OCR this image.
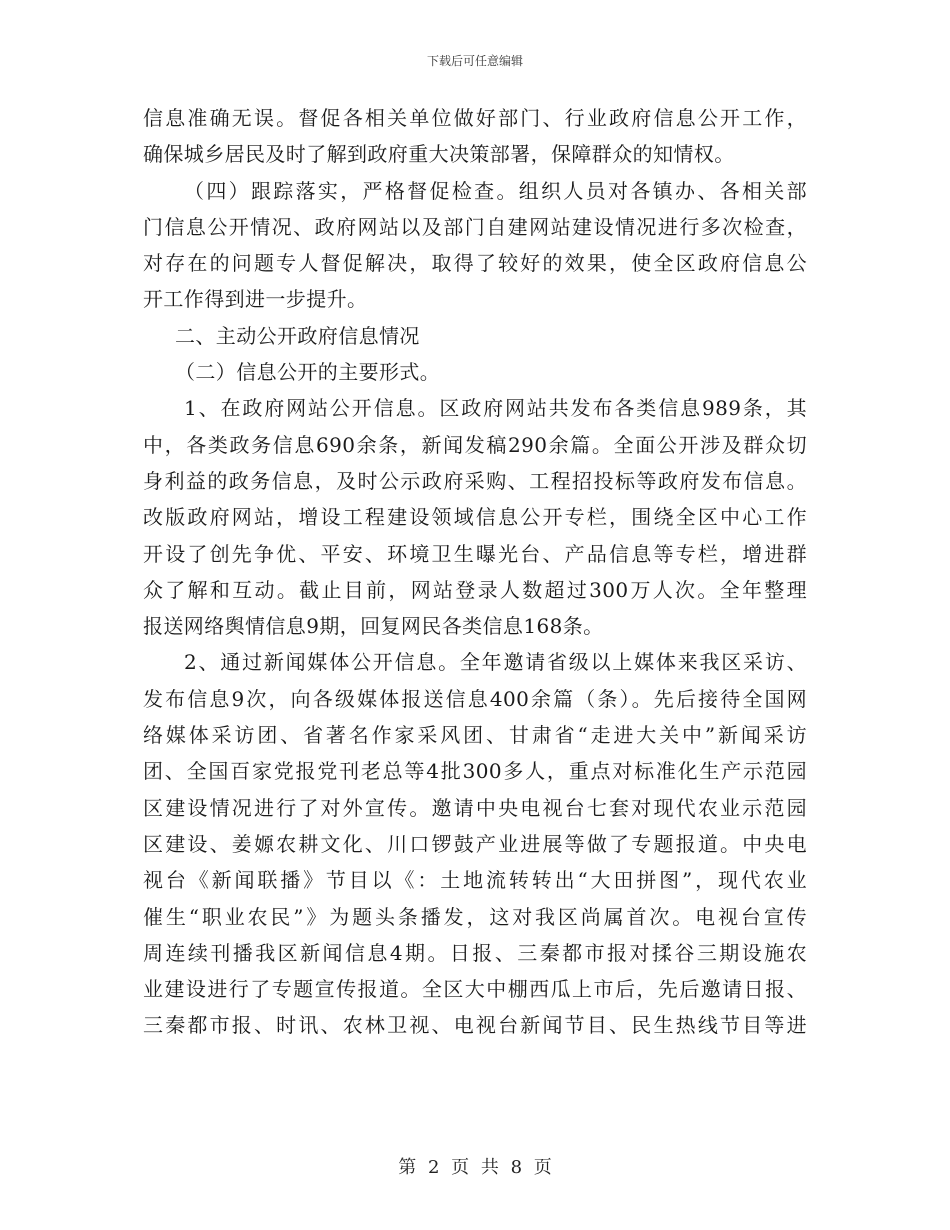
下载后可任意编辑
信息准确无误。督促各相关单位做好部门、行业政府信息公开工作，
确保城乡居民及时了解到政府重大决策部署，保障群众的知情权。
（四）跟踪落实，严格督促检查。组织人员对各镇办、各相关部
门信息公开情况、政府网站以及部门自建网站建设情况进行多次检查，
对存在的问题专人督促解决，取得了较好的效果，使全区政府信息公
开工作得到进一步提升。
二、主动公开政府信息情况
（二）信息公开的主要形式。
1、在政府网站公开信息。区政府网站共发布各类信息989条，其
中，各类政务信息690余条，新闻发稿290余篇。全面公开涉及群众切
身利益的政务信息，及时公示政府采购、工程招投标等政府发布信息。
改版政府网站，增设工程建设领域信息公开专栏，围绕全区中心工作
开设了创先争优、平安、环境卫生曝光台、产品信息等专栏，增进群
众了解和互动。截止目前，网站登录人数超过300万人次。全年整理
报送网络舆情信息9期，回复网民各类信息168条。
2、通过新闻媒体公开信息。全年邀请省级以上媒体来我区采访、
发布信息9次，向各级媒体报送信息400余篇（条）。先后接待全国网
络媒体采访团、省著名作家采风团、甘肃省“走进大关中”新闻采访
团、全国百家党报党刊老总等4批300多人，重点对标准化生产示范园
区建设情况进行了对外宣传。邀请中央电视台七套对现代农业示范园
区建设、姜嫄农耕文化、川口锣鼓产业进展等做了专题报道。中央电
视台《新闻联播》节目以《：土地流转转出“大田拼图”，现代农业
催生“职业农民”》为题头条播发，这对我区尚属首次。电视台宣传
周连续刊播我区新闻信息4期。日报、三秦都市报对揉谷三期设施农
业建设进行了专题宣传报道。全区大中棚西瓜上市后，先后邀请日报、
三秦都市报、时讯、农林卫视、电视台新闻节目、民生热线节目等进
第 2 页 共 8 页
